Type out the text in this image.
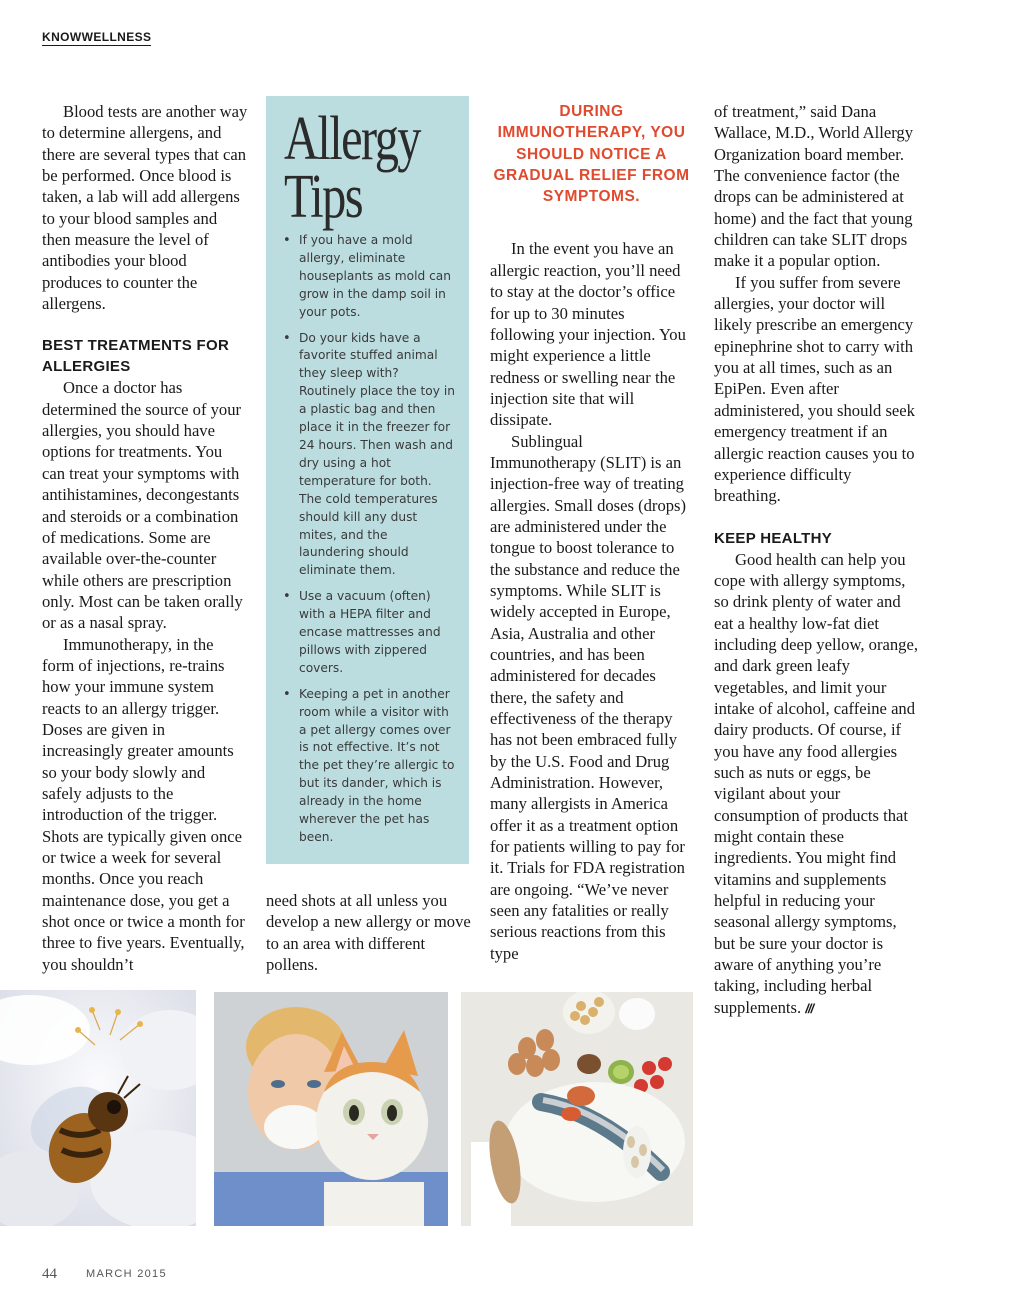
KNOWWELLNESS

Blood tests are another way to determine allergens, and there are several types that can be performed. Once blood is taken, a lab will add allergens to your blood samples and then measure the level of antibodies your blood produces to counter the allergens.

BEST TREATMENTS FOR ALLERGIES

Once a doctor has determined the source of your allergies, you should have options for treatments. You can treat your symptoms with antihistamines, decongestants and steroids or a combination of medications. Some are available over-the-counter while others are prescription only. Most can be taken orally or as a nasal spray.

Immunotherapy, in the form of injections, re-trains how your immune system reacts to an allergy trigger. Doses are given in increasingly greater amounts so your body slowly and safely adjusts to the introduction of the trigger. Shots are typically given once or twice a week for several months. Once you reach maintenance dose, you get a shot once or twice a month for three to five years. Eventually, you shouldn’t

Allergy
Tips
• If you have a mold allergy, eliminate houseplants as mold can grow in the damp soil in your pots.
• Do your kids have a favorite stuffed animal they sleep with? Routinely place the toy in a plastic bag and then place it in the freezer for 24 hours. Then wash and dry using a hot temperature for both. The cold temperatures should kill any dust mites, and the laundering should eliminate them.
• Use a vacuum (often) with a HEPA filter and encase mattresses and pillows with zippered covers.
• Keeping a pet in another room while a visitor with a pet allergy comes over is not effective. It’s not the pet they’re allergic to but its dander, which is already in the home wherever the pet has been.

need shots at all unless you develop a new allergy or move to an area with different pollens.

DURING IMMUNOTHERAPY, YOU SHOULD NOTICE A GRADUAL RELIEF FROM SYMPTOMS.

In the event you have an allergic reaction, you’ll need to stay at the doctor’s office for up to 30 minutes following your injection. You might experience a little redness or swelling near the injection site that will dissipate.

Sublingual Immunotherapy (SLIT) is an injection-free way of treating allergies. Small doses (drops) are administered under the tongue to boost tolerance to the substance and reduce the symptoms. While SLIT is widely accepted in Europe, Asia, Australia and other countries, and has been administered for decades there, the safety and effectiveness of the therapy has not been embraced fully by the U.S. Food and Drug Administration. However, many allergists in America offer it as a treatment option for patients willing to pay for it. Trials for FDA registration are ongoing. “We’ve never seen any fatalities or really serious reactions from this type

of treatment,” said Dana Wallace, M.D., World Allergy Organization board member. The convenience factor (the drops can be administered at home) and the fact that young children can take SLIT drops make it a popular option.

If you suffer from severe allergies, your doctor will likely prescribe an emergency epinephrine shot to carry with you at all times, such as an EpiPen. Even after administered, you should seek emergency treatment if an allergic reaction causes you to experience difficulty breathing.

KEEP HEALTHY

Good health can help you cope with allergy symptoms, so drink plenty of water and eat a healthy low-fat diet including deep yellow, orange, and dark green leafy vegetables, and limit your intake of alcohol, caffeine and dairy products. Of course, if you have any food allergies such as nuts or eggs, be vigilant about your consumption of products that might contain these ingredients. You might find vitamins and supplements helpful in reducing your seasonal allergy symptoms, but be sure your doctor is aware of anything you’re taking, including herbal supplements. ///

44	MARCH 2015
